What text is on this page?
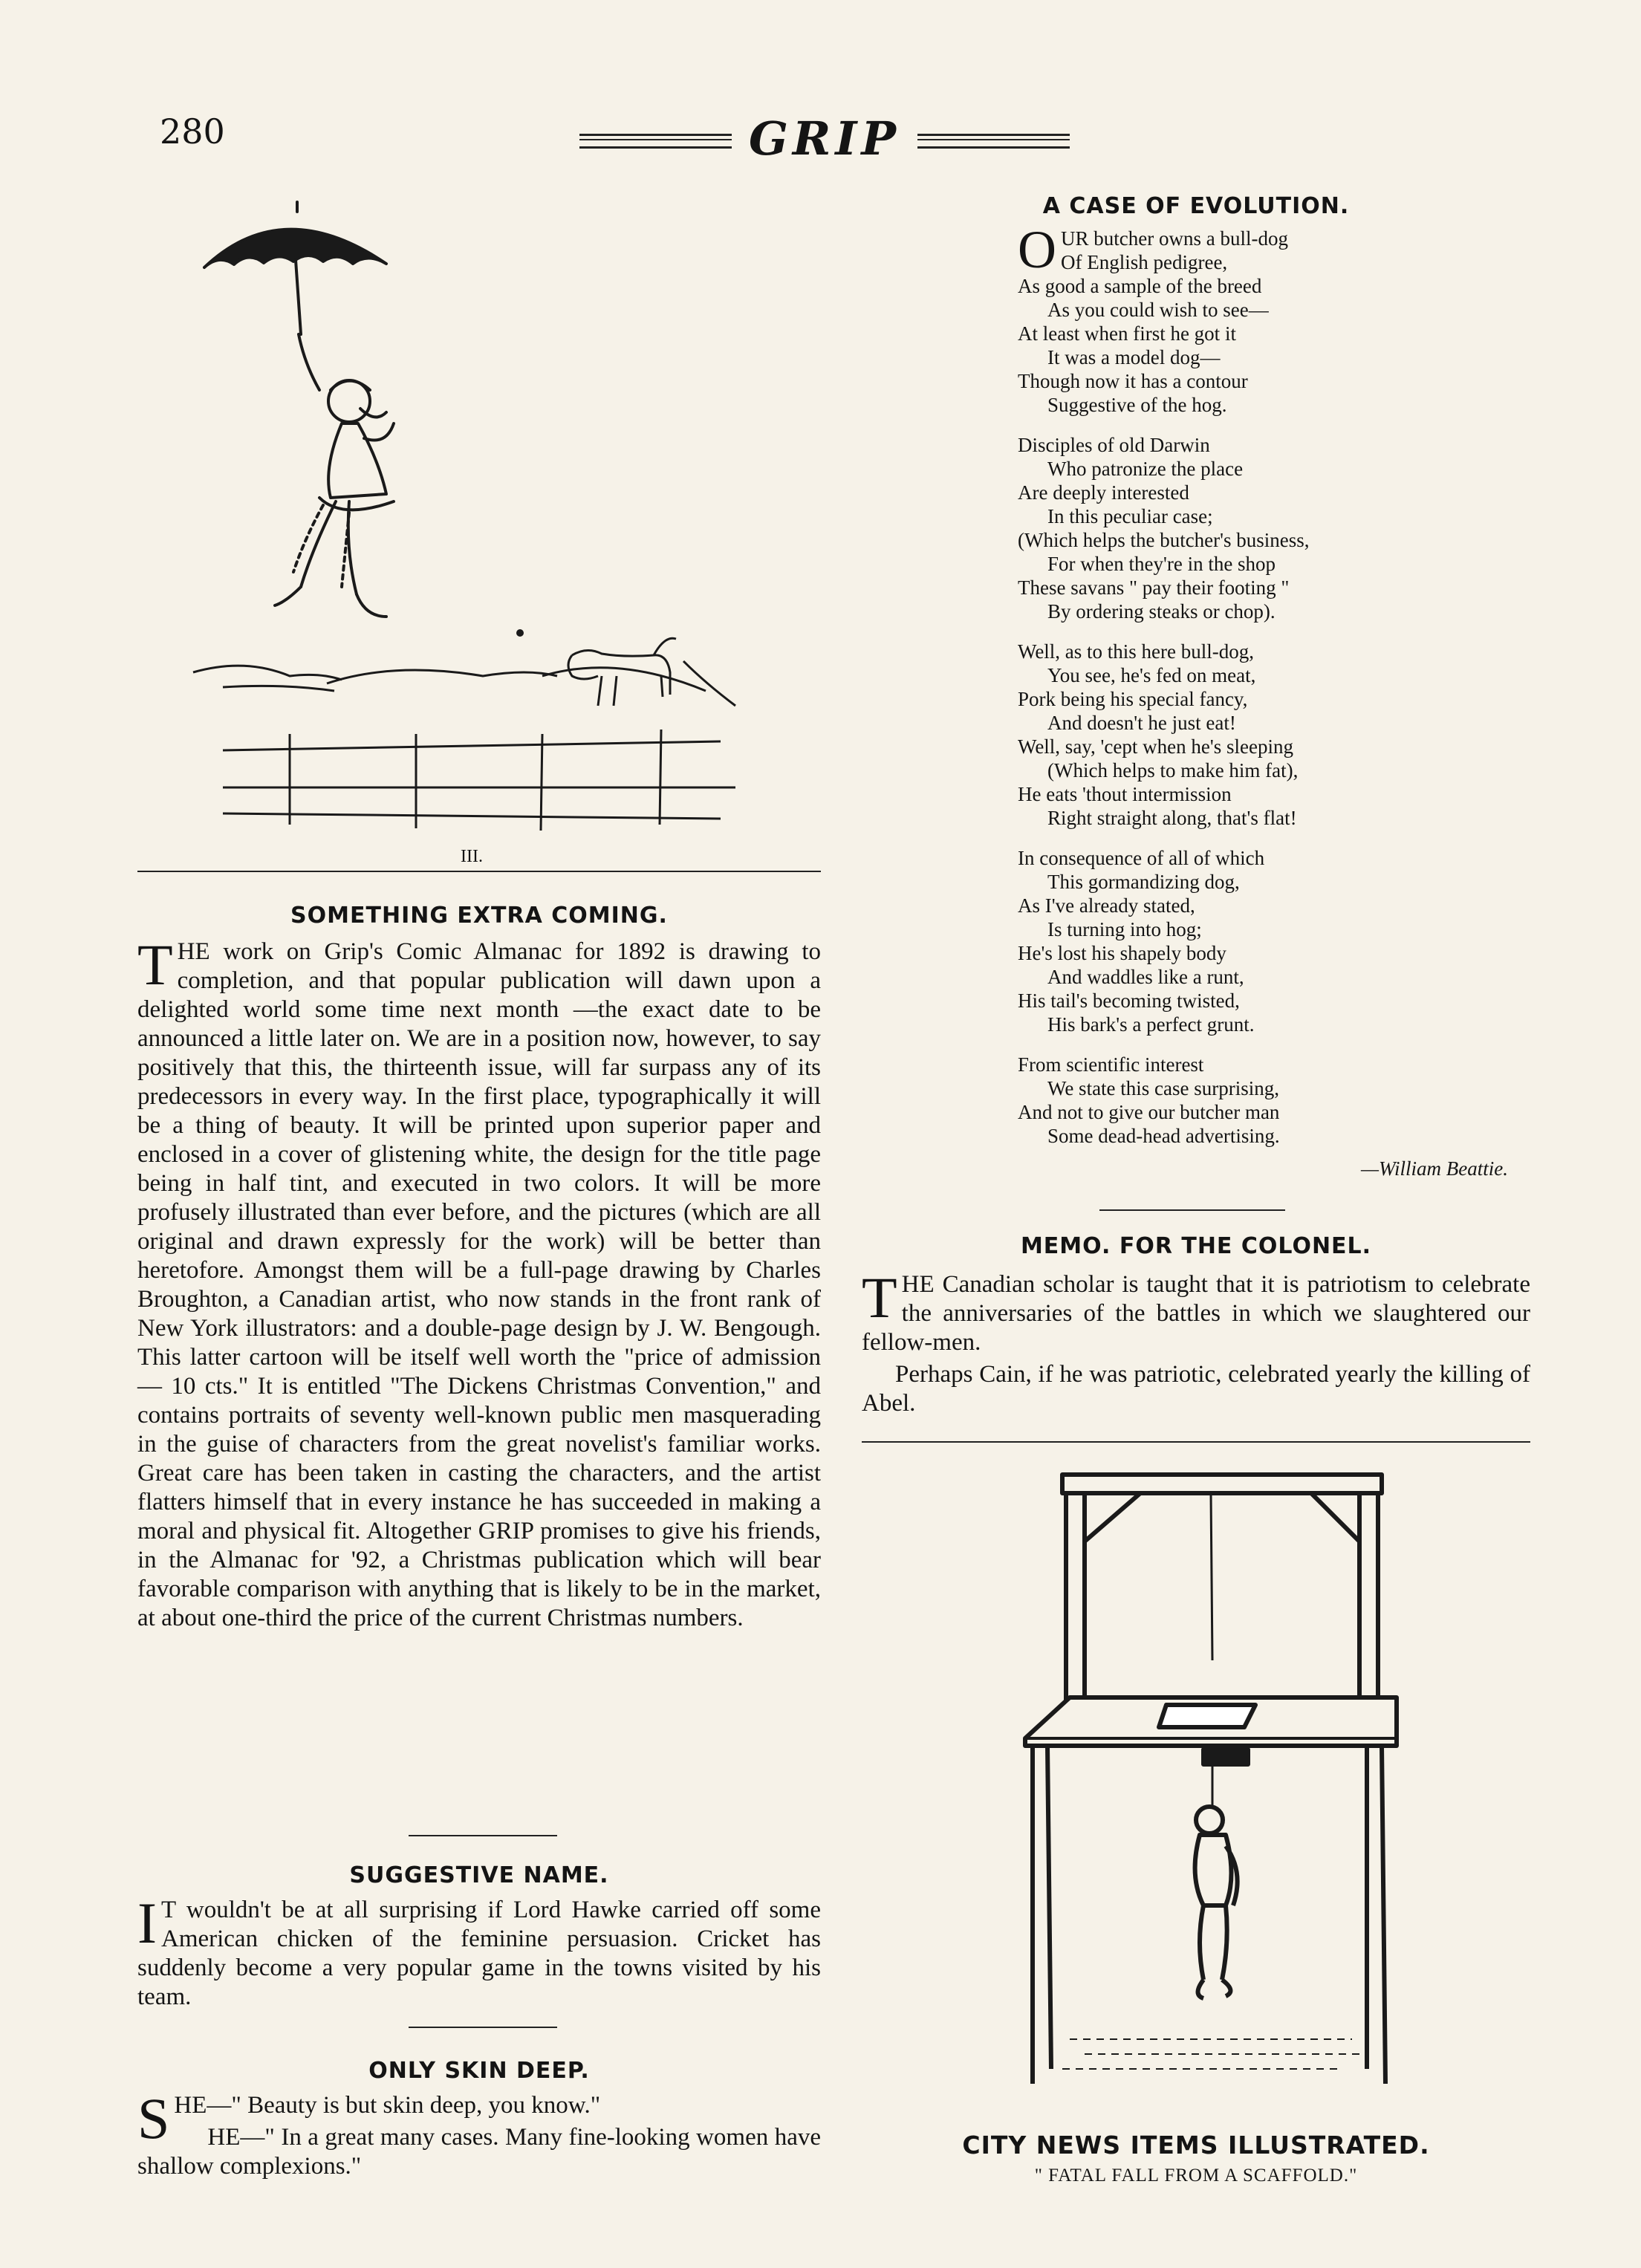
280	GRIP
III.
SOMETHING EXTRA COMING.

THE work on Grip's Comic Almanac for 1892 is drawing to completion, and that popular publication will dawn upon a delighted world some time next month —the exact date to be announced a little later on. We are in a position now, however, to say positively that this, the thirteenth issue, will far surpass any of its predecessors in every way. In the first place, typographically it will be a thing of beauty. It will be printed upon superior paper and enclosed in a cover of glistening white, the design for the title page being in half tint, and executed in two colors. It will be more profusely illustrated than ever before, and the pictures (which are all original and drawn expressly for the work) will be better than heretofore. Amongst them will be a full-page drawing by Charles Broughton, a Canadian artist, who now stands in the front rank of New York illustrators: and a double-page design by J. W. Bengough. This latter cartoon will be itself well worth the "price of admission — 10 cts." It is entitled "The Dickens Christmas Convention," and contains portraits of seventy well-known public men masquerading in the guise of characters from the great novelist's familiar works. Great care has been taken in casting the characters, and the artist flatters himself that in every instance he has succeeded in making a moral and physical fit. Altogether GRIP promises to give his friends, in the Almanac for '92, a Christmas publication which will bear favorable comparison with anything that is likely to be in the market, at about one-third the price of the current Christmas numbers.

SUGGESTIVE NAME.

I T wouldn't be at all surprising if Lord Hawke carried off some American chicken of the feminine persuasion. Cricket has suddenly become a very popular game in the towns visited by his team.

ONLY SKIN DEEP.

SHE—" Beauty is but skin deep, you know."

HE—" In a great many cases. Many fine-looking women have shallow complexions."

A CASE OF EVOLUTION.
O UR butcher owns a bull-dog
Of English pedigree,
As good a sample of the breed
As you could wish to see—
At least when first he got it
It was a model dog—
Though now it has a contour
Suggestive of the hog.
Disciples of old Darwin
Who patronize the place
Are deeply interested
In this peculiar case;
(Which helps the butcher's business,
For when they're in the shop
These savans " pay their footing "
By ordering steaks or chop).
Well, as to this here bull-dog,
You see, he's fed on meat,
Pork being his special fancy,
And doesn't he just eat!
Well, say, 'cept when he's sleeping
(Which helps to make him fat),
He eats 'thout intermission
Right straight along, that's flat!
In consequence of all of which
This gormandizing dog,
As I've already stated,
Is turning into hog;
He's lost his shapely body
And waddles like a runt,
His tail's becoming twisted,
His bark's a perfect grunt.
From scientific interest
We state this case surprising,
And not to give our butcher man
Some dead-head advertising.
—William Beattie.
MEMO. FOR THE COLONEL.

THE Canadian scholar is taught that it is patriotism to celebrate the anniversaries of the battles in which we slaughtered our fellow-men.

Perhaps Cain, if he was patriotic, celebrated yearly the killing of Abel.

CITY NEWS ITEMS ILLUSTRATED.
" FATAL FALL FROM A SCAFFOLD."
